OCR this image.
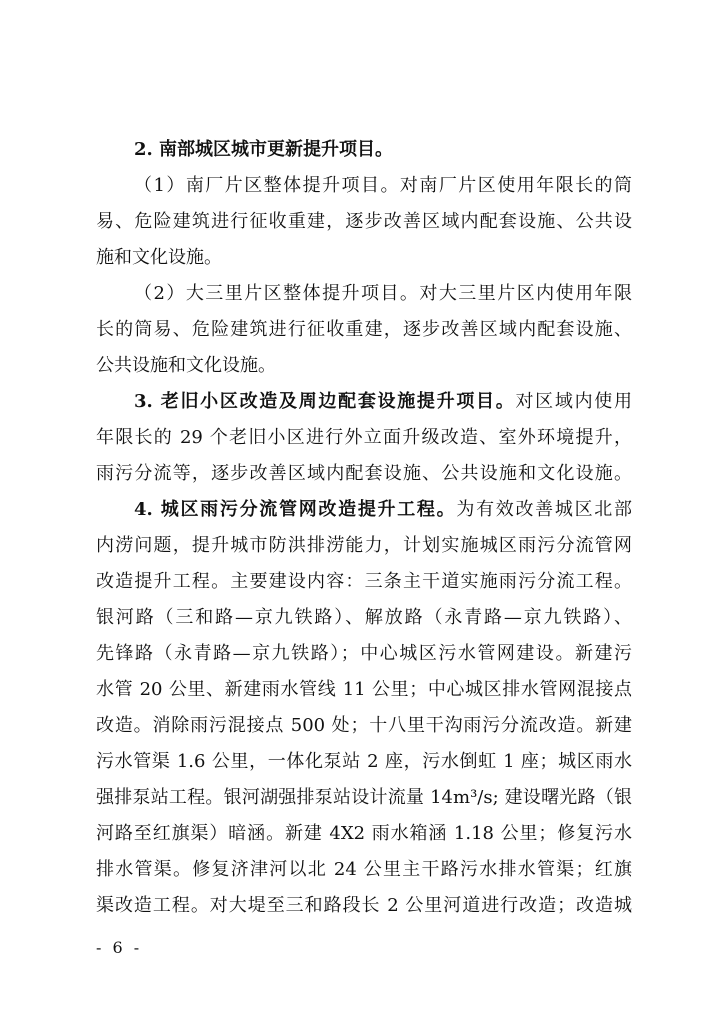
2. 南部城区城市更新提升项目。
（1）南厂片区整体提升项目。对南厂片区使用年限长的筒
易、危险建筑进行征收重建，逐步改善区域内配套设施、公共设
施和文化设施。
（2）大三里片区整体提升项目。对大三里片区内使用年限
长的筒易、危险建筑进行征收重建，逐步改善区域内配套设施、
公共设施和文化设施。
3. 老旧小区改造及周边配套设施提升项目。对区域内使用
年限长的 29 个老旧小区进行外立面升级改造、室外环境提升，
雨污分流等，逐步改善区域内配套设施、公共设施和文化设施。
4. 城区雨污分流管网改造提升工程。为有效改善城区北部
内涝问题，提升城市防洪排涝能力，计划实施城区雨污分流管网
改造提升工程。主要建设内容：三条主干道实施雨污分流工程。
银河路（三和路—京九铁路）、解放路（永青路—京九铁路）、
先锋路（永青路—京九铁路）；中心城区污水管网建设。新建污
水管 20 公里、新建雨水管线 11 公里；中心城区排水管网混接点
改造。消除雨污混接点 500 处；十八里干沟雨污分流改造。新建
污水管渠 1.6 公里，一体化泵站 2 座，污水倒虹 1 座；城区雨水
强排泵站工程。银河湖强排泵站设计流量 14m³/s; 建设曙光路（银
河路至红旗渠）暗涵。新建 4X2 雨水箱涵 1.18 公里；修复污水
排水管渠。修复济津河以北 24 公里主干路污水排水管渠；红旗
渠改造工程。对大堤至三和路段长 2 公里河道进行改造；改造城
- 6 -
